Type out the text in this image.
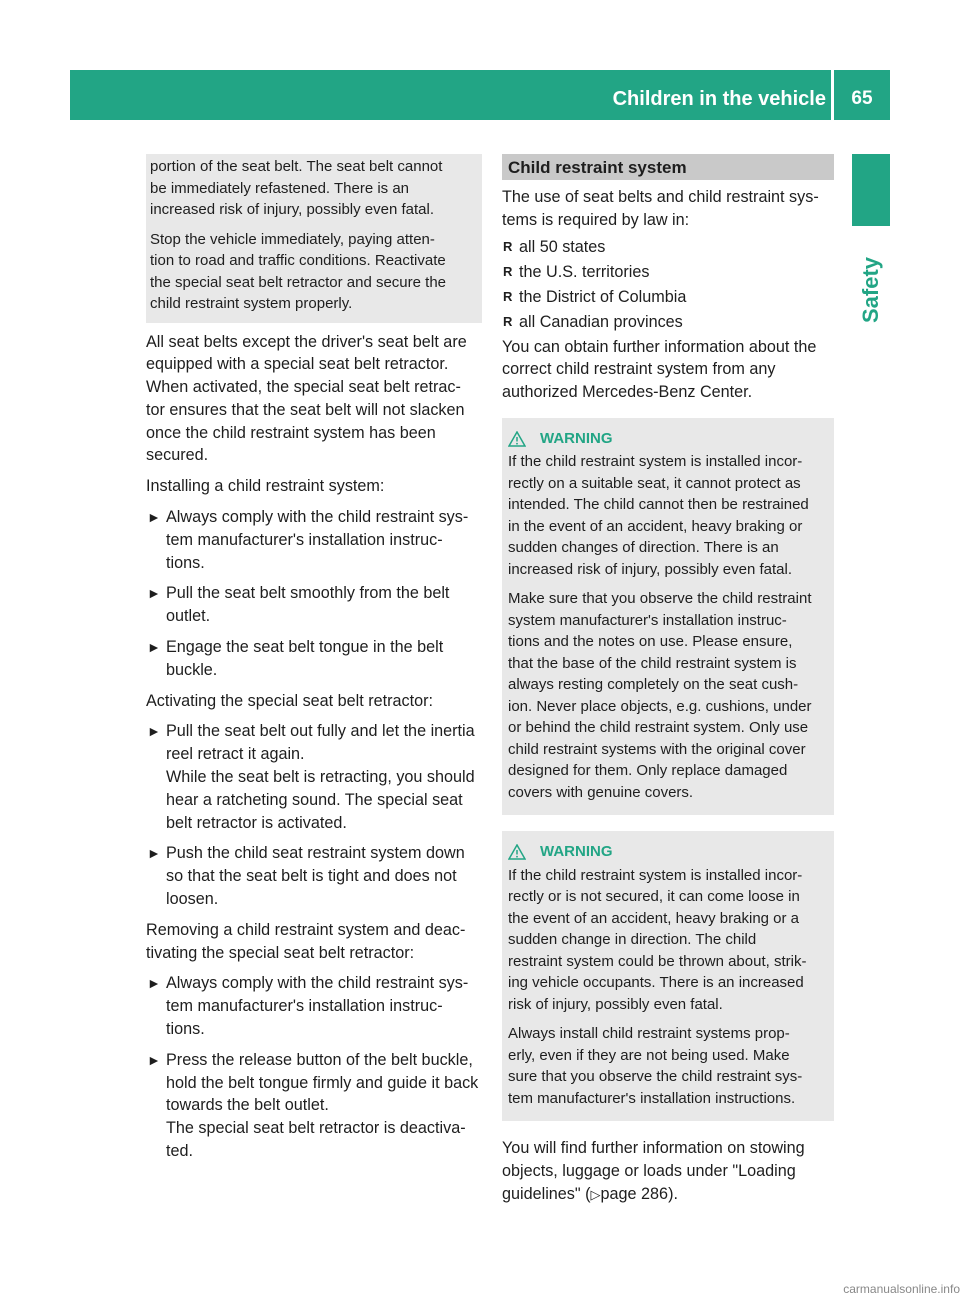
Children in the vehicle	65
Safety

portion of the seat belt. The seat belt cannot
be immediately refastened. There is an
increased risk of injury, possibly even fatal.

Stop the vehicle immediately, paying atten-
tion to road and traffic conditions. Reactivate
the special seat belt retractor and secure the
child restraint system properly.

All seat belts except the driver's seat belt are
equipped with a special seat belt retractor.
When activated, the special seat belt retrac-
tor ensures that the seat belt will not slacken
once the child restraint system has been
secured.

Installing a child restraint system:

► Always comply with the child restraint sys-
tem manufacturer's installation instruc-
tions.
► Pull the seat belt smoothly from the belt
outlet.
► Engage the seat belt tongue in the belt
buckle.

Activating the special seat belt retractor:

► Pull the seat belt out fully and let the inertia
reel retract it again.
While the seat belt is retracting, you should
hear a ratcheting sound. The special seat
belt retractor is activated.
► Push the child seat restraint system down
so that the seat belt is tight and does not
loosen.

Removing a child restraint system and deac-
tivating the special seat belt retractor:

► Always comply with the child restraint sys-
tem manufacturer's installation instruc-
tions.
► Press the release button of the belt buckle,
hold the belt tongue firmly and guide it back
towards the belt outlet.
The special seat belt retractor is deactiva-
ted.
Child restraint system

The use of seat belts and child restraint sys-
tems is required by law in:

R all 50 states
R the U.S. territories
R the District of Columbia
R all Canadian provinces

You can obtain further information about the
correct child restraint system from any
authorized Mercedes-Benz Center.

WARNING

If the child restraint system is installed incor-
rectly on a suitable seat, it cannot protect as
intended. The child cannot then be restrained
in the event of an accident, heavy braking or
sudden changes of direction. There is an
increased risk of injury, possibly even fatal.

Make sure that you observe the child restraint
system manufacturer's installation instruc-
tions and the notes on use. Please ensure,
that the base of the child restraint system is
always resting completely on the seat cush-
ion. Never place objects, e.g. cushions, under
or behind the child restraint system. Only use
child restraint systems with the original cover
designed for them. Only replace damaged
covers with genuine covers.

WARNING

If the child restraint system is installed incor-
rectly or is not secured, it can come loose in
the event of an accident, heavy braking or a
sudden change in direction. The child
restraint system could be thrown about, strik-
ing vehicle occupants. There is an increased
risk of injury, possibly even fatal.

Always install child restraint systems prop-
erly, even if they are not being used. Make
sure that you observe the child restraint sys-
tem manufacturer's installation instructions.

You will find further information on stowing
objects, luggage or loads under "Loading
guidelines" (▷page 286).

carmanualsonline.info
